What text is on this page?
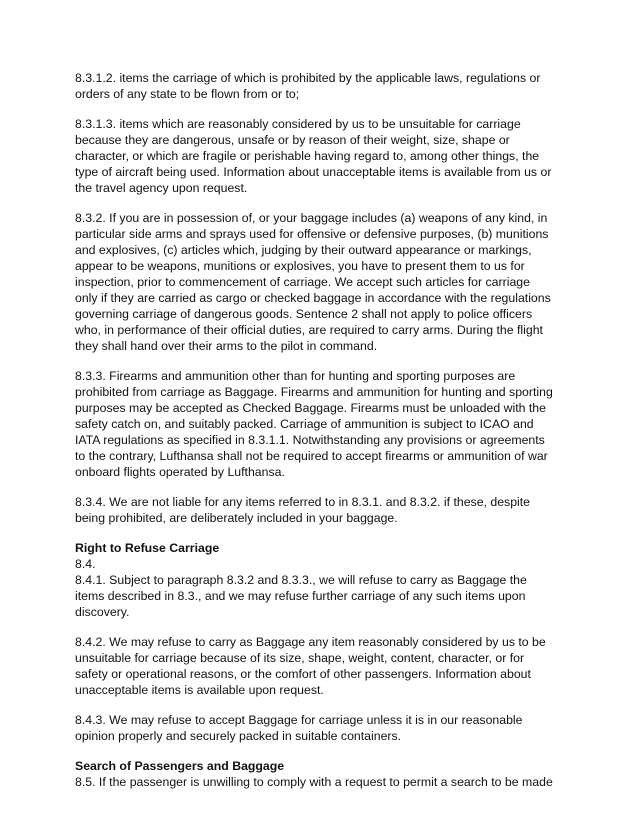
8.3.1.2. items the carriage of which is prohibited by the applicable laws, regulations or
orders of any state to be flown from or to;

8.3.1.3. items which are reasonably considered by us to be unsuitable for carriage
because they are dangerous, unsafe or by reason of their weight, size, shape or
character, or which are fragile or perishable having regard to, among other things, the
type of aircraft being used. Information about unacceptable items is available from us or
the travel agency upon request.

8.3.2. If you are in possession of, or your baggage includes (a) weapons of any kind, in
particular side arms and sprays used for offensive or defensive purposes, (b) munitions
and explosives, (c) articles which, judging by their outward appearance or markings,
appear to be weapons, munitions or explosives, you have to present them to us for
inspection, prior to commencement of carriage. We accept such articles for carriage
only if they are carried as cargo or checked baggage in accordance with the regulations
governing carriage of dangerous goods. Sentence 2 shall not apply to police officers
who, in performance of their official duties, are required to carry arms. During the flight
they shall hand over their arms to the pilot in command.

8.3.3. Firearms and ammunition other than for hunting and sporting purposes are
prohibited from carriage as Baggage. Firearms and ammunition for hunting and sporting
purposes may be accepted as Checked Baggage. Firearms must be unloaded with the
safety catch on, and suitably packed. Carriage of ammunition is subject to ICAO and
IATA regulations as specified in 8.3.1.1. Notwithstanding any provisions or agreements
to the contrary, Lufthansa shall not be required to accept firearms or ammunition of war
onboard flights operated by Lufthansa.

8.3.4. We are not liable for any items referred to in 8.3.1. and 8.3.2. if these, despite
being prohibited, are deliberately included in your baggage.

Right to Refuse Carriage

8.4.
8.4.1. Subject to paragraph 8.3.2 and 8.3.3., we will refuse to carry as Baggage the
items described in 8.3., and we may refuse further carriage of any such items upon
discovery.

8.4.2. We may refuse to carry as Baggage any item reasonably considered by us to be
unsuitable for carriage because of its size, shape, weight, content, character, or for
safety or operational reasons, or the comfort of other passengers. Information about
unacceptable items is available upon request.

8.4.3. We may refuse to accept Baggage for carriage unless it is in our reasonable
opinion properly and securely packed in suitable containers.

Search of Passengers and Baggage

8.5. If the passenger is unwilling to comply with a request to permit a search to be made
